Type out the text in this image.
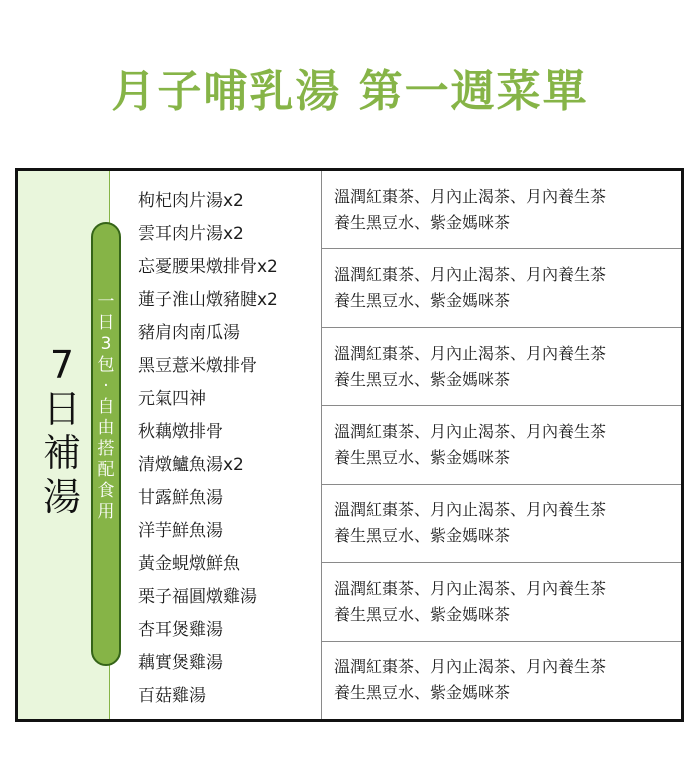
月子哺乳湯 第一週菜單
7
日
補
湯
一
日
3
包
·
自
由
搭
配
食
用
枸杞肉片湯x2
雲耳肉片湯x2
忘憂腰果燉排骨x2
蓮子淮山燉豬腱x2
豬肩肉南瓜湯
黑豆薏米燉排骨
元氣四神
秋藕燉排骨
清燉鱸魚湯x2
甘露鮮魚湯
洋芋鮮魚湯
黃金蜆燉鮮魚
栗子福圓燉雞湯
杏耳煲雞湯
藕實煲雞湯
百菇雞湯
溫潤紅棗茶、月內止渴茶、月內養生茶
養生黑豆水、紫金媽咪茶
溫潤紅棗茶、月內止渴茶、月內養生茶
養生黑豆水、紫金媽咪茶
溫潤紅棗茶、月內止渴茶、月內養生茶
養生黑豆水、紫金媽咪茶
溫潤紅棗茶、月內止渴茶、月內養生茶
養生黑豆水、紫金媽咪茶
溫潤紅棗茶、月內止渴茶、月內養生茶
養生黑豆水、紫金媽咪茶
溫潤紅棗茶、月內止渴茶、月內養生茶
養生黑豆水、紫金媽咪茶
溫潤紅棗茶、月內止渴茶、月內養生茶
養生黑豆水、紫金媽咪茶
